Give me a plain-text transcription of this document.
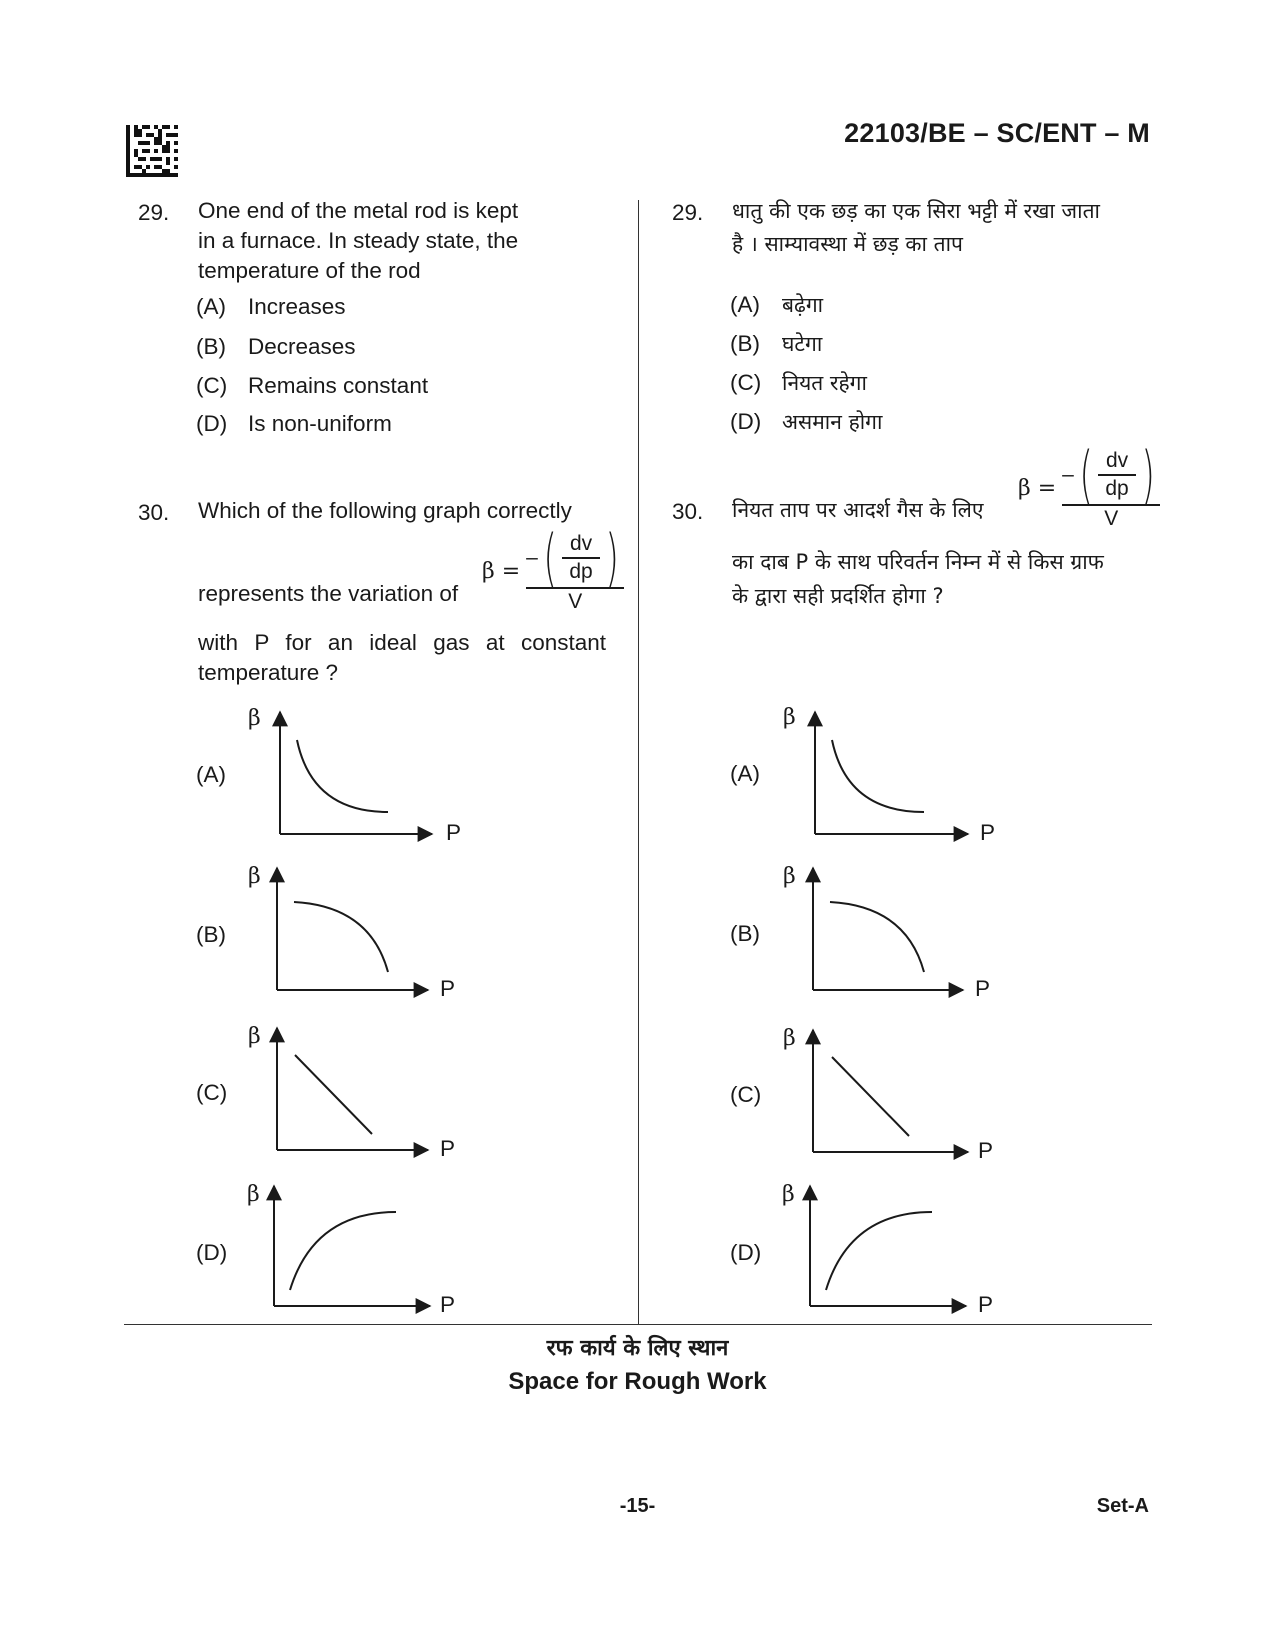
22103/BE – SC/ENT – M
29. One end of the metal rod is kept
in a furnace. In steady state, the
temperature of the rod
(A) Increases
(B) Decreases
(C) Remains constant
(D) Is non-uniform
30. Which of the following graph correctly
represents the variation of
β =
– ( dv
dp )
V
with P for an ideal gas at constant
temperature ?
(A)
(B)
(C)
(D)
29. धातु की एक छड़ का एक सिरा भट्टी में रखा जाता
है । साम्यावस्था में छड़ का ताप
(A) बढ़ेगा
(B) घटेगा
(C) नियत रहेगा
(D) असमान होगा
30. नियत ताप पर आदर्श गैस के लिए
β =
– ( dv
dp )
V
का दाब P के साथ परिवर्तन निम्न में से किस ग्राफ
के द्वारा सही प्रदर्शित होगा ?
(A)
(B)
(C)
(D)
β
P
β
P
β
P
β
P
β
P
β
P
β
P
β
P
रफ कार्य के लिए स्थान
Space for Rough Work
-15-	Set-A
